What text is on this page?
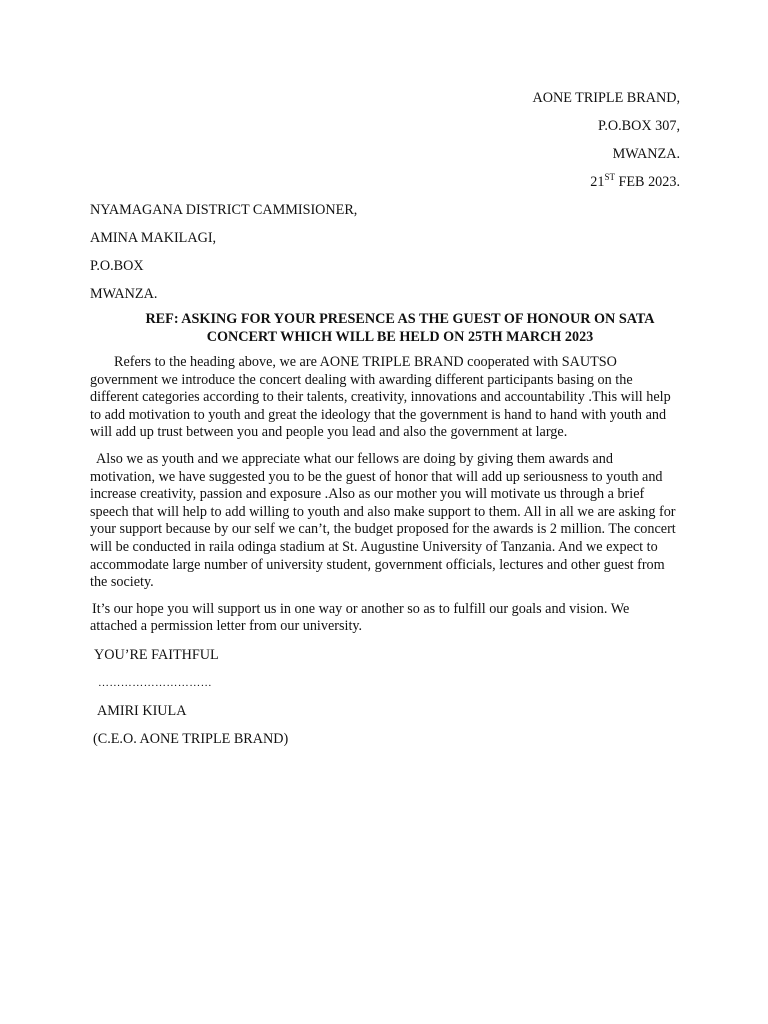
AONE TRIPLE BRAND,
P.O.BOX 307,
MWANZA.
21ST FEB 2023.
NYAMAGANA DISTRICT CAMMISIONER,
AMINA MAKILAGI,
P.O.BOX
MWANZA.
REF: ASKING FOR YOUR PRESENCE AS THE GUEST OF HONOUR ON SATA CONCERT WHICH WILL BE HELD ON 25TH MARCH 2023

Refers to the heading above, we are AONE TRIPLE BRAND cooperated with SAUTSO government we introduce the concert dealing with awarding different participants basing on the different categories according to their talents, creativity, innovations and accountability .This will help to add motivation to youth and great the ideology that the government is hand to hand with youth and will add up trust between you and people you lead and also the government at large.

Also we as youth and we appreciate what our fellows are doing by giving them awards and motivation, we have suggested you to be the guest of honor that will add up seriousness to youth and increase creativity, passion and exposure .Also as our mother you will motivate us through a brief speech that will help to add willing to youth and also make support to them. All in all we are asking for your support because by our self we can’t, the budget proposed for the awards is 2 million. The concert will be conducted in raila odinga stadium at St. Augustine University of Tanzania. And we expect to accommodate large number of university student, government officials, lectures and other guest from the society.

It’s our hope you will support us in one way or another so as to fulfill our goals and vision. We attached a permission letter from our university.

YOU’RE FAITHFUL
…………………………
AMIRI KIULA
(C.E.O. AONE TRIPLE BRAND)
